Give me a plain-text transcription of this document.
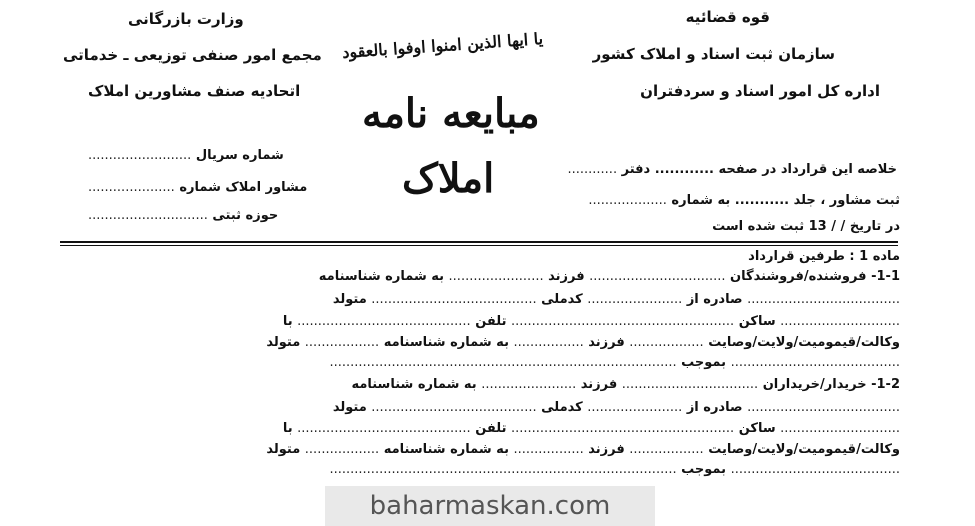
قوه قضائیه
سازمان ثبت اسناد و املاک کشور
اداره کل امور اسناد و سردفتران
وزارت بازرگانی
مجمع امور صنفی توزیعی ـ خدماتی
اتحادیه صنف مشاورین املاک
یا ایها الذین امنوا اوفوا بالعقود
مبایعه نامه
املاک
شماره سریال .........................
مشاور املاک شماره .....................
حوزه ثبتی .............................
خلاصه این قرارداد در صفحه ............ دفتر ............
ثبت مشاور ، جلد ........... به شماره ...................
در تاریخ / / 13 ثبت شده است
ماده 1 : طرفین قرارداد
1-1- فروشنده/فروشندگان ................................. فرزند ....................... به شماره شناسنامه
..................................... صادره از ....................... کدملی ........................................ متولد
............................. ساکن ...................................................... تلفن .......................................... با
وکالت/قیمومیت/ولایت/وصایت .................. فرزند ................. به شماره شناسنامه .................. متولد
......................................... بموجب ....................................................................................
1-2- خریدار/خریداران ................................. فرزند ....................... به شماره شناسنامه
..................................... صادره از ....................... کدملی ........................................ متولد
............................. ساکن ...................................................... تلفن .......................................... با
وکالت/قیمومیت/ولایت/وصایت .................. فرزند ................. به شماره شناسنامه .................. متولد
......................................... بموجب ....................................................................................
baharmaskan.com
